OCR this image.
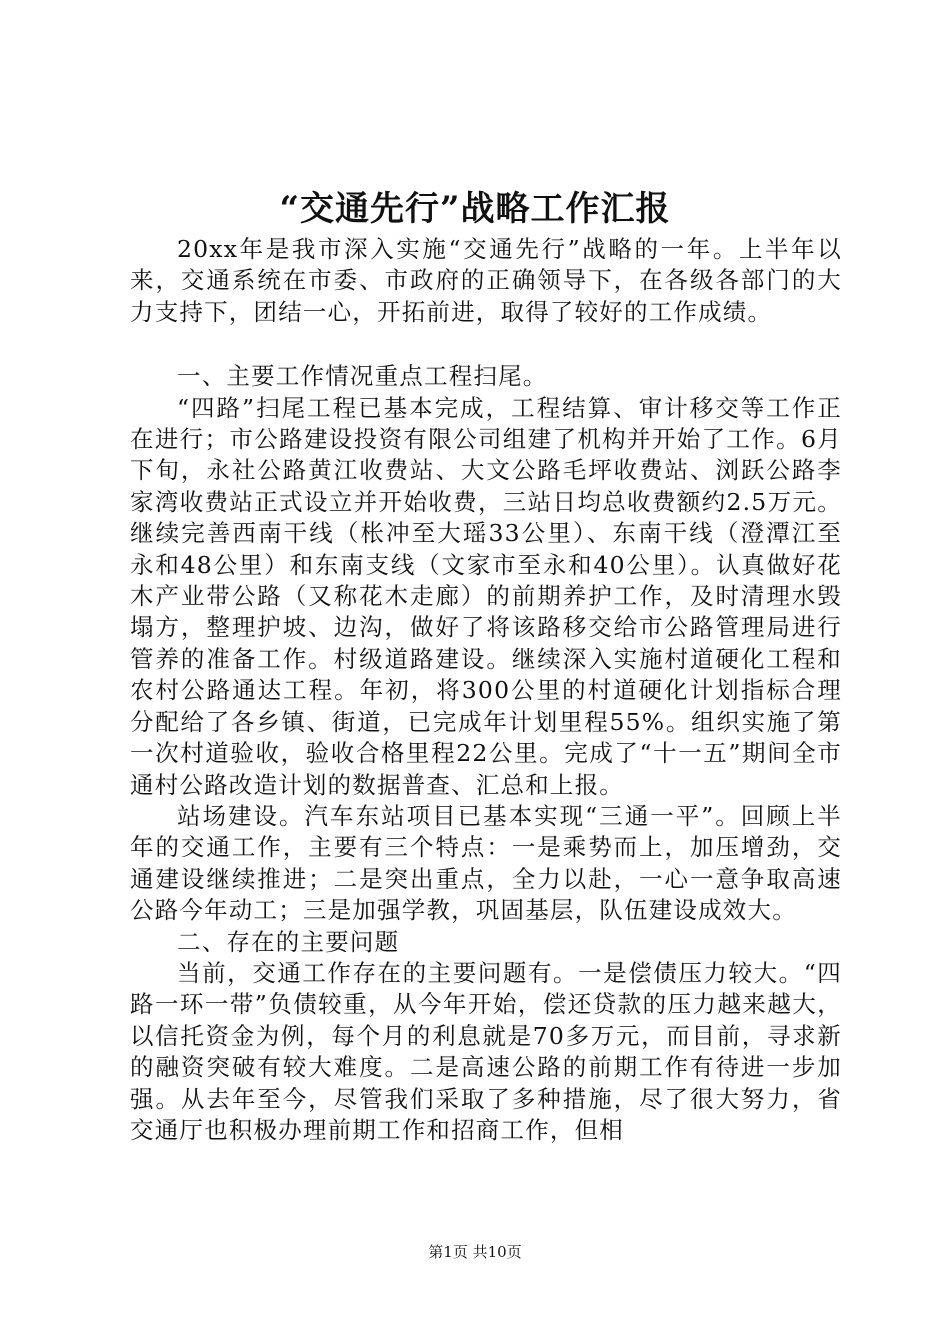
“交通先行”战略工作汇报

20xx年是我市深入实施“交通先行”战略的一年。上半年以来，交通系统在市委、市政府的正确领导下，在各级各部门的大力支持下，团结一心，开拓前进，取得了较好的工作成绩。

一、主要工作情况重点工程扫尾。

“四路”扫尾工程已基本完成，工程结算、审计移交等工作正在进行；市公路建设投资有限公司组建了机构并开始了工作。6月下旬，永社公路黄江收费站、大文公路毛坪收费站、浏跃公路李家湾收费站正式设立并开始收费，三站日均总收费额约2.5万元。继续完善西南干线（枨冲至大瑶33公里）、东南干线（澄潭江至永和48公里）和东南支线（文家市至永和40公里）。认真做好花木产业带公路（又称花木走廊）的前期养护工作，及时清理水毁塌方，整理护坡、边沟，做好了将该路移交给市公路管理局进行管养的准备工作。村级道路建设。继续深入实施村道硬化工程和农村公路通达工程。年初，将300公里的村道硬化计划指标合理分配给了各乡镇、街道，已完成年计划里程55%。组织实施了第一次村道验收，验收合格里程22公里。完成了“十一五”期间全市通村公路改造计划的数据普查、汇总和上报。

站场建设。汽车东站项目已基本实现“三通一平”。回顾上半年的交通工作，主要有三个特点：一是乘势而上，加压增劲，交通建设继续推进；二是突出重点，全力以赴，一心一意争取高速公路今年动工；三是加强学教，巩固基层，队伍建设成效大。

二、存在的主要问题

当前，交通工作存在的主要问题有。一是偿债压力较大。“四路一环一带”负债较重，从今年开始，偿还贷款的压力越来越大，以信托资金为例，每个月的利息就是70多万元，而目前，寻求新的融资突破有较大难度。二是高速公路的前期工作有待进一步加强。从去年至今，尽管我们采取了多种措施，尽了很大努力，省交通厅也积极办理前期工作和招商工作，但相

第1页 共10页
